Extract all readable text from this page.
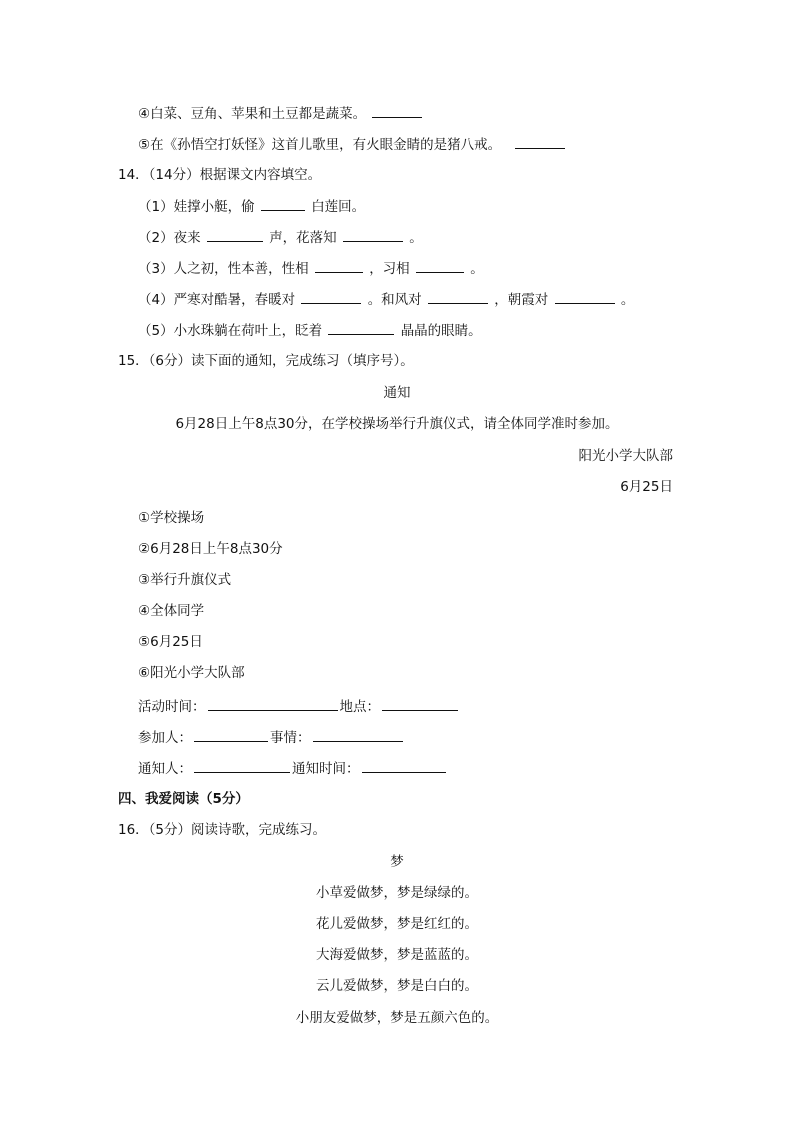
④白菜、豆角、苹果和土豆都是蔬菜。
⑤在《孙悟空打妖怪》这首儿歌里，有火眼金睛的是猪八戒。
14．（14分）根据课文内容填空。
（1）娃撑小艇，偷	白莲回。
（2）夜来	声，花落知	。
（3）人之初，性本善，性相	，习相	。
（4）严寒对酷暑，春暖对	。和风对	，朝霞对	。
（5）小水珠躺在荷叶上，眨着	晶晶的眼睛。
15．（6分）读下面的通知，完成练习（填序号）。
通知
6月28日上午8点30分，在学校操场举行升旗仪式，请全体同学准时参加。
阳光小学大队部
6月25日
①学校操场
②6月28日上午8点30分
③举行升旗仪式
④全体同学
⑤6月25日
⑥阳光小学大队部
活动时间：	地点：
参加人：	事情：
通知人：	通知时间：
四、我爱阅读（5分）
16．（5分）阅读诗歌，完成练习。
梦
小草爱做梦，梦是绿绿的。
花儿爱做梦，梦是红红的。
大海爱做梦，梦是蓝蓝的。
云儿爱做梦，梦是白白的。
小朋友爱做梦，梦是五颜六色的。
